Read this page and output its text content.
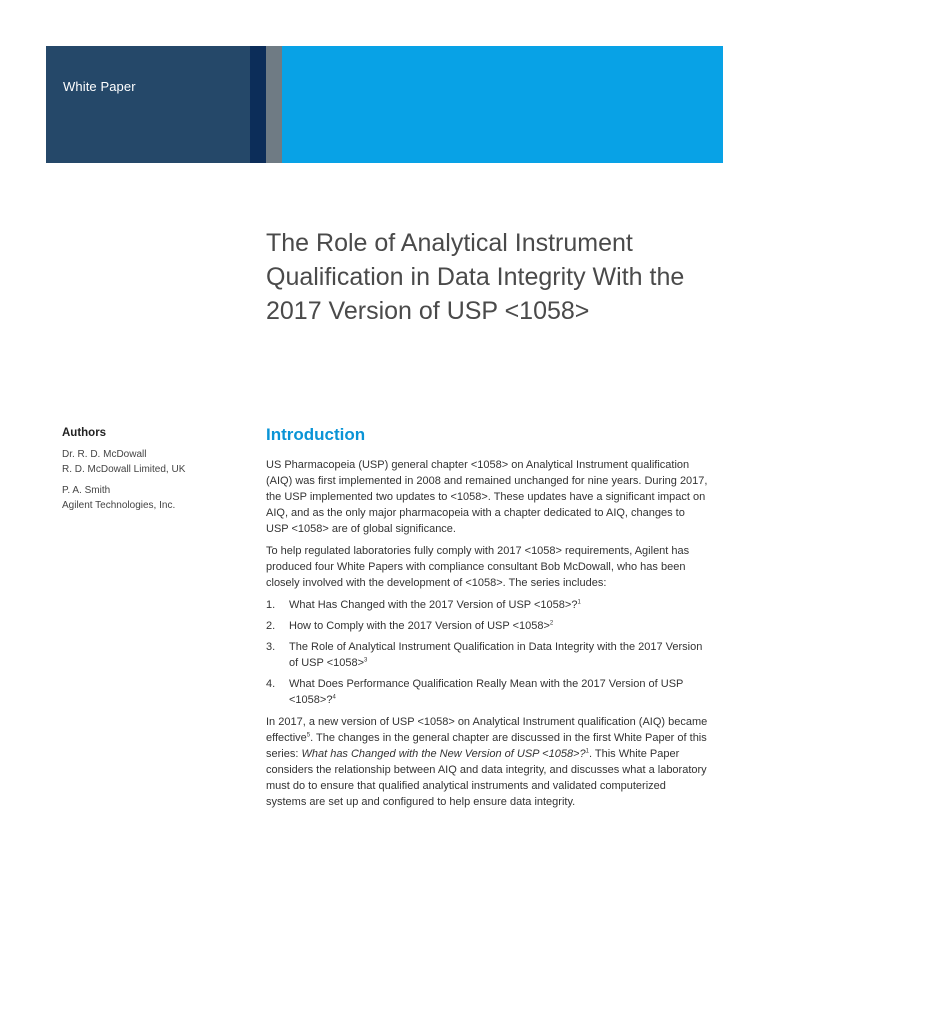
White Paper	Agilent
Trusted Answers
The Role of Analytical Instrument Qualification in Data Integrity With the 2017 Version of USP <1058>
Authors
Dr. R. D. McDowall
R. D. McDowall Limited, UK
P. A. Smith
Agilent Technologies, Inc.
Introduction

US Pharmacopeia (USP) general chapter <1058> on Analytical Instrument qualification (AIQ) was first implemented in 2008 and remained unchanged for nine years. During 2017, the USP implemented two updates to <1058>. These updates have a significant impact on AIQ, and as the only major pharmacopeia with a chapter dedicated to AIQ, changes to USP <1058> are of global significance.

To help regulated laboratories fully comply with 2017 <1058> requirements, Agilent has produced four White Papers with compliance consultant Bob McDowall, who has been closely involved with the development of <1058>. The series includes:

1. What Has Changed with the 2017 Version of USP <1058>?$^1$
2. How to Comply with the 2017 Version of USP <1058>$^2$
3. The Role of Analytical Instrument Qualification in Data Integrity with the 2017 Version of USP <1058>$^3$
4. What Does Performance Qualification Really Mean with the 2017 Version of USP <1058>?$^4$

In 2017, a new version of USP <1058> on Analytical Instrument qualification (AIQ) became effective$^5$. The changes in the general chapter are discussed in the first White Paper of this series: What has Changed with the New Version of USP <1058>?$^1$. This White Paper considers the relationship between AIQ and data integrity, and discusses what a laboratory must do to ensure that qualified analytical instruments and validated computerized systems are set up and configured to help ensure data integrity.
